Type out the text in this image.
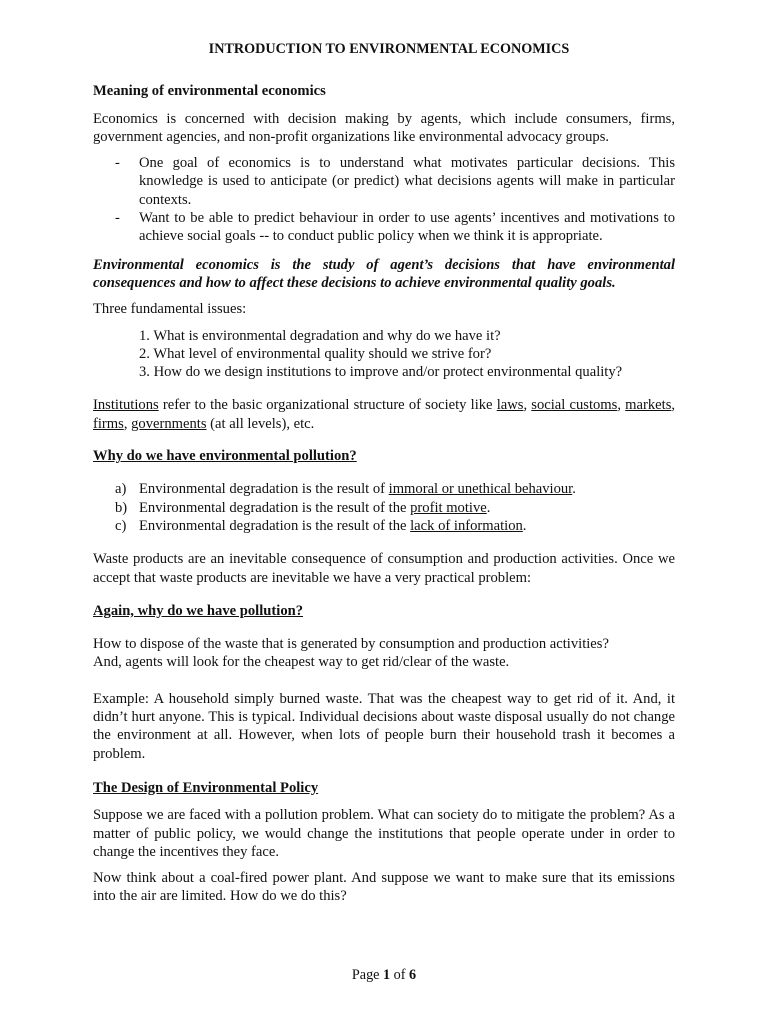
INTRODUCTION TO ENVIRONMENTAL ECONOMICS

Meaning of environmental economics

Economics is concerned with decision making by agents, which include consumers, firms, government agencies, and non-profit organizations like environmental advocacy groups.

- One goal of economics is to understand what motivates particular decisions. This knowledge is used to anticipate (or predict) what decisions agents will make in particular contexts.
- Want to be able to predict behaviour in order to use agents’ incentives and motivations to achieve social goals -- to conduct public policy when we think it is appropriate.

Environmental economics is the study of agent’s decisions that have environmental consequences and how to affect these decisions to achieve environmental quality goals.

Three fundamental issues:

1. What is environmental degradation and why do we have it?
2. What level of environmental quality should we strive for?
3. How do we design institutions to improve and/or protect environmental quality?

Institutions refer to the basic organizational structure of society like laws, social customs, markets, firms, governments (at all levels), etc.

Why do we have environmental pollution?

a) Environmental degradation is the result of immoral or unethical behaviour.
b) Environmental degradation is the result of the profit motive.
c) Environmental degradation is the result of the lack of information.

Waste products are an inevitable consequence of consumption and production activities. Once we accept that waste products are inevitable we have a very practical problem:

Again, why do we have pollution?

How to dispose of the waste that is generated by consumption and production activities?

And, agents will look for the cheapest way to get rid/clear of the waste.

Example: A household simply burned waste. That was the cheapest way to get rid of it. And, it didn’t hurt anyone. This is typical. Individual decisions about waste disposal usually do not change the environment at all. However, when lots of people burn their household trash it becomes a problem.

The Design of Environmental Policy

Suppose we are faced with a pollution problem. What can society do to mitigate the problem? As a matter of public policy, we would change the institutions that people operate under in order to change the incentives they face.

Now think about a coal-fired power plant. And suppose we want to make sure that its emissions into the air are limited. How do we do this?

Page 1 of 6
